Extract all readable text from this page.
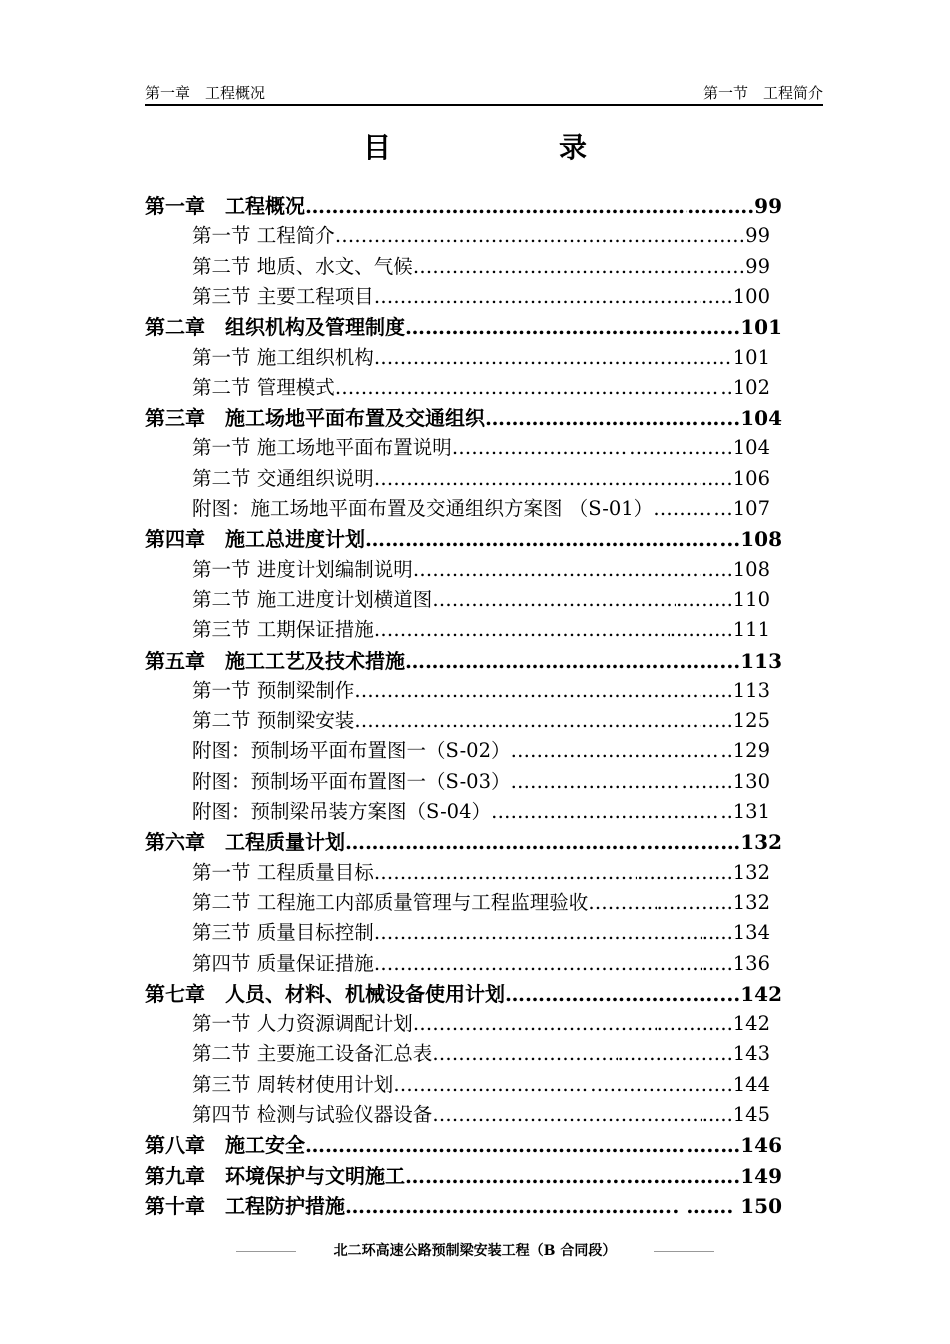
第一章　工程概况	第一节　工程简介
目	录
第一章　工程概况 …………………………………………………………………………………………………………………………	……….99
第一节 工程简介 …………………………………………………………………………………………………………………………	……99
第二节 地质、水文、气候 …………………………………………………………………………………………………………………………	……99
第三节 主要工程项目 …………………………………………………………………………………………………………………………	…..100
第二章　组织机构及管理制度 …………………………………………………………………………………………………………………………	…...101
第一节 施工组织机构 …………………………………………………………………………………………………………………………	101
第二节 管理模式 …………………………………………………………………………………………………………………………	..102
第三章　施工场地平面布置及交通组织 …………………………………………………………………………………………………………………………	…...104
第一节 施工场地平面布置说明 …………………………………………………………………………………………………………………………	…………….104
第二节 交通组织说明 …………………………………………………………………………………………………………………………	..…106
附图：施工场地平面布置及交通组织方案图 （S-01） …………………………………………………………………………………………………………………………	…107
第四章　施工总进度计划 …………………………………………………………………………………………………………………………	...108
第一节 进度计划编制说明 …………………………………………………………………………………………………………………………	…..108
第二节 施工进度计划横道图 …………………………………………………………………………………………………………………………	...…...110
第三节 工期保证措施 …………………………………………………………………………………………………………………………	....…...111
第五章　施工工艺及技术措施 …………………………………………………………………………………………………………………………	...……...113
第一节 预制梁制作 …………………………………………………………………………………………………………………………	…..113
第二节 预制梁安装 …………………………………………………………………………………………………………………………	…..125
附图：预制场平面布置图一（S-02） …………………………………………………………………………………………………………………………	..129
附图：预制场平面布置图一（S-03） …………………………………………………………………………………………………………………………	……..130
附图：预制梁吊装方案图（S-04） …………………………………………………………………………………………………………………………	..131
第六章　工程质量计划 …………………………………………………………………………………………………………………………	...…………132
第一节 工程质量目标 …………………………………………………………………………………………………………………………	...………...132
第二节 工程施工内部质量管理与工程监理验收 …………………………………………………………………………………………………………………………	...……...132
第三节 质量目标控制 …………………………………………………………………………………………………………………………	.....134
第四节 质量保证措施 …………………………………………………………………………………………………………………………	.....136
第七章　人员、材料、机械设备使用计划 …………………………………………………………………………………………………………………………	...…....142
第一节 人力资源调配计划 …………………………………………………………………………………………………………………………	……......142
第二节 主要施工设备汇总表 …………………………………………………………………………………………………………………………	...…..……….143
第三节 周转材使用计划 …………………………………………………………………………………………………………………………	………………….144
第四节 检测与试验仪器设备 …………………………………………………………………………………………………………………………	.....145
第八章　施工安全 …………………………………………………………………………………………………………………………	…..…146
第九章　环境保护与文明施工 …………………………………………………………………………………………………………………………	....…………….149
第十章　工程防护措施 …………………………………………………………………………………………………………………………	. ……. 150
北二环高速公路预制梁安装工程（B 合同段）
